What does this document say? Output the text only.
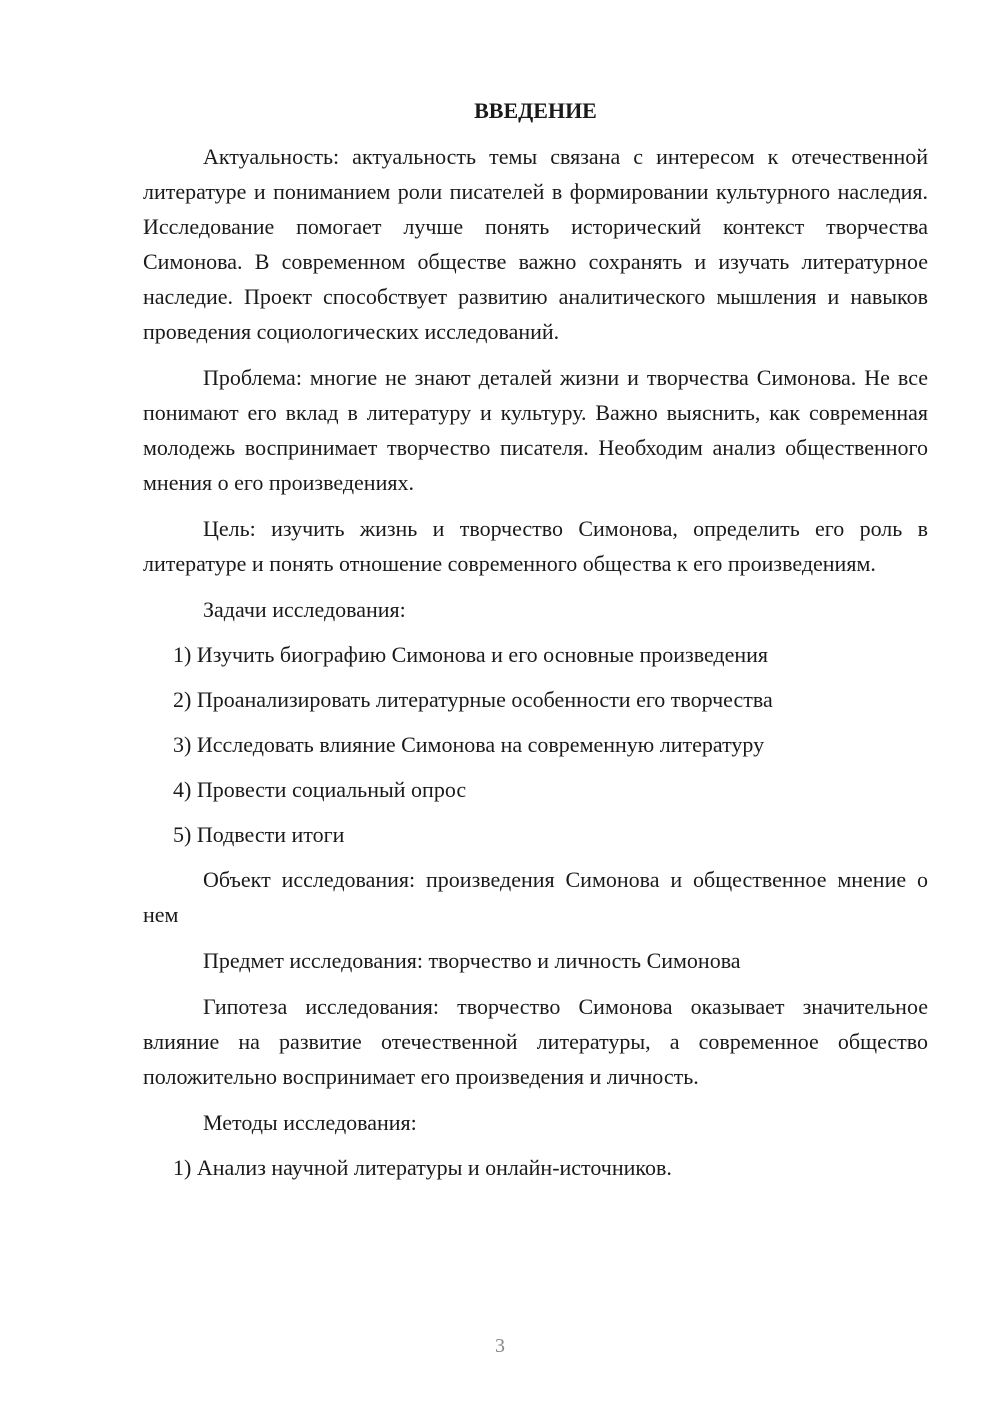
ВВЕДЕНИЕ

Актуальность: актуальность темы связана с интересом к отечественной литературе и пониманием роли писателей в формировании культурного наследия. Исследование помогает лучше понять исторический контекст творчества Симонова. В современном обществе важно сохранять и изучать литературное наследие. Проект способствует развитию аналитического мышления и навыков проведения социологических исследований.

Проблема: многие не знают деталей жизни и творчества Симонова. Не все понимают его вклад в литературу и культуру. Важно выяснить, как современная молодежь воспринимает творчество писателя. Необходим анализ общественного мнения о его произведениях.

Цель: изучить жизнь и творчество Симонова, определить его роль в литературе и понять отношение современного общества к его произведениям.

Задачи исследования:

1) Изучить биографию Симонова и его основные произведения
2) Проанализировать литературные особенности его творчества
3) Исследовать влияние Симонова на современную литературу
4) Провести социальный опрос
5) Подвести итоги

Объект исследования: произведения Симонова и общественное мнение о нем

Предмет исследования: творчество и личность Симонова

Гипотеза исследования: творчество Симонова оказывает значительное влияние на развитие отечественной литературы, а современное общество положительно воспринимает его произведения и личность.

Методы исследования:

1) Анализ научной литературы и онлайн-источников.
3
